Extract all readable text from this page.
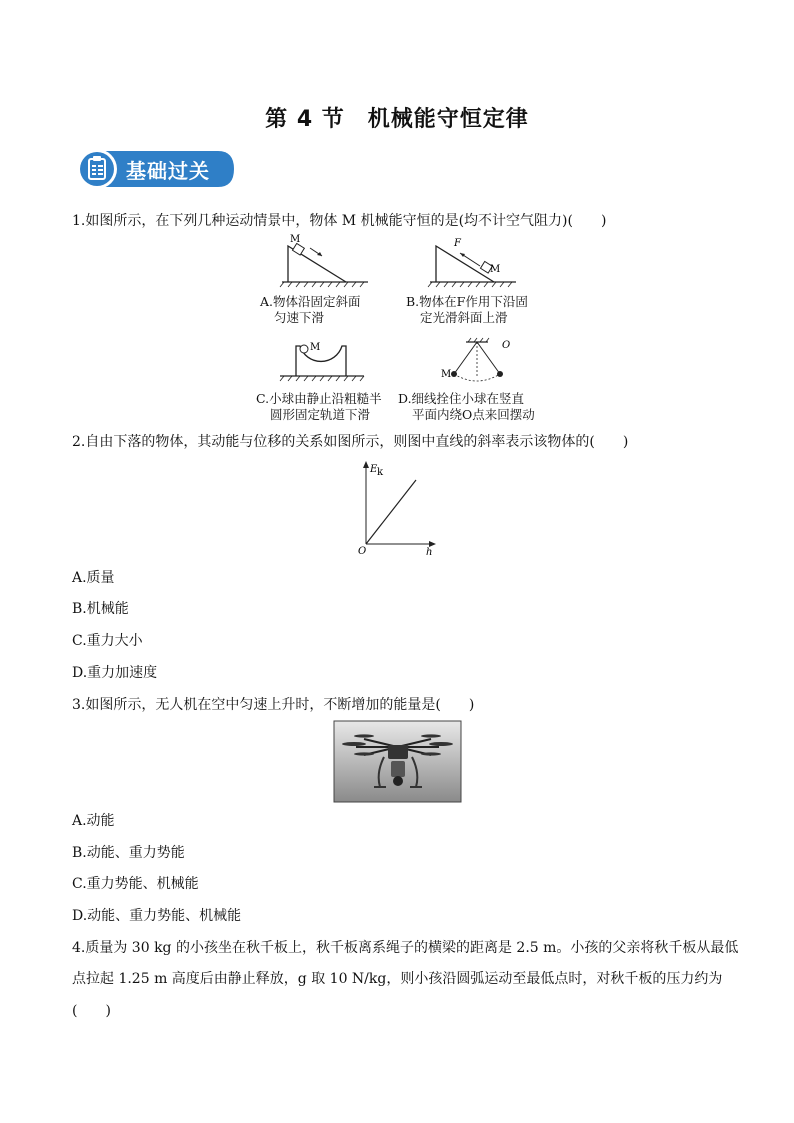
第 4 节　机械能守恒定律
基础过关
1.如图所示，在下列几种运动情景中，物体 M 机械能守恒的是(均不计空气阻力)(　　)
M	F
M
A.物体沿固定斜面
匀速下滑
B.物体在F作用下沿固
定光滑斜面上滑
M
M
O
C.小球由静止沿粗糙半
圆形固定轨道下滑
D.细线拴住小球在竖直
平面内绕O点来回摆动
2.自由下落的物体，其动能与位移的关系如图所示，则图中直线的斜率表示该物体的(　　)
E k
h
O
A.质量
B.机械能
C.重力大小
D.重力加速度
3.如图所示，无人机在空中匀速上升时，不断增加的能量是(　　)
A.动能
B.动能、重力势能
C.重力势能、机械能
D.动能、重力势能、机械能
4.质量为 30 kg 的小孩坐在秋千板上，秋千板离系绳子的横梁的距离是 2.5 m。小孩的父亲将秋千板从最低
点拉起 1.25 m 高度后由静止释放，g 取 10 N/kg，则小孩沿圆弧运动至最低点时，对秋千板的压力约为
(　　)
